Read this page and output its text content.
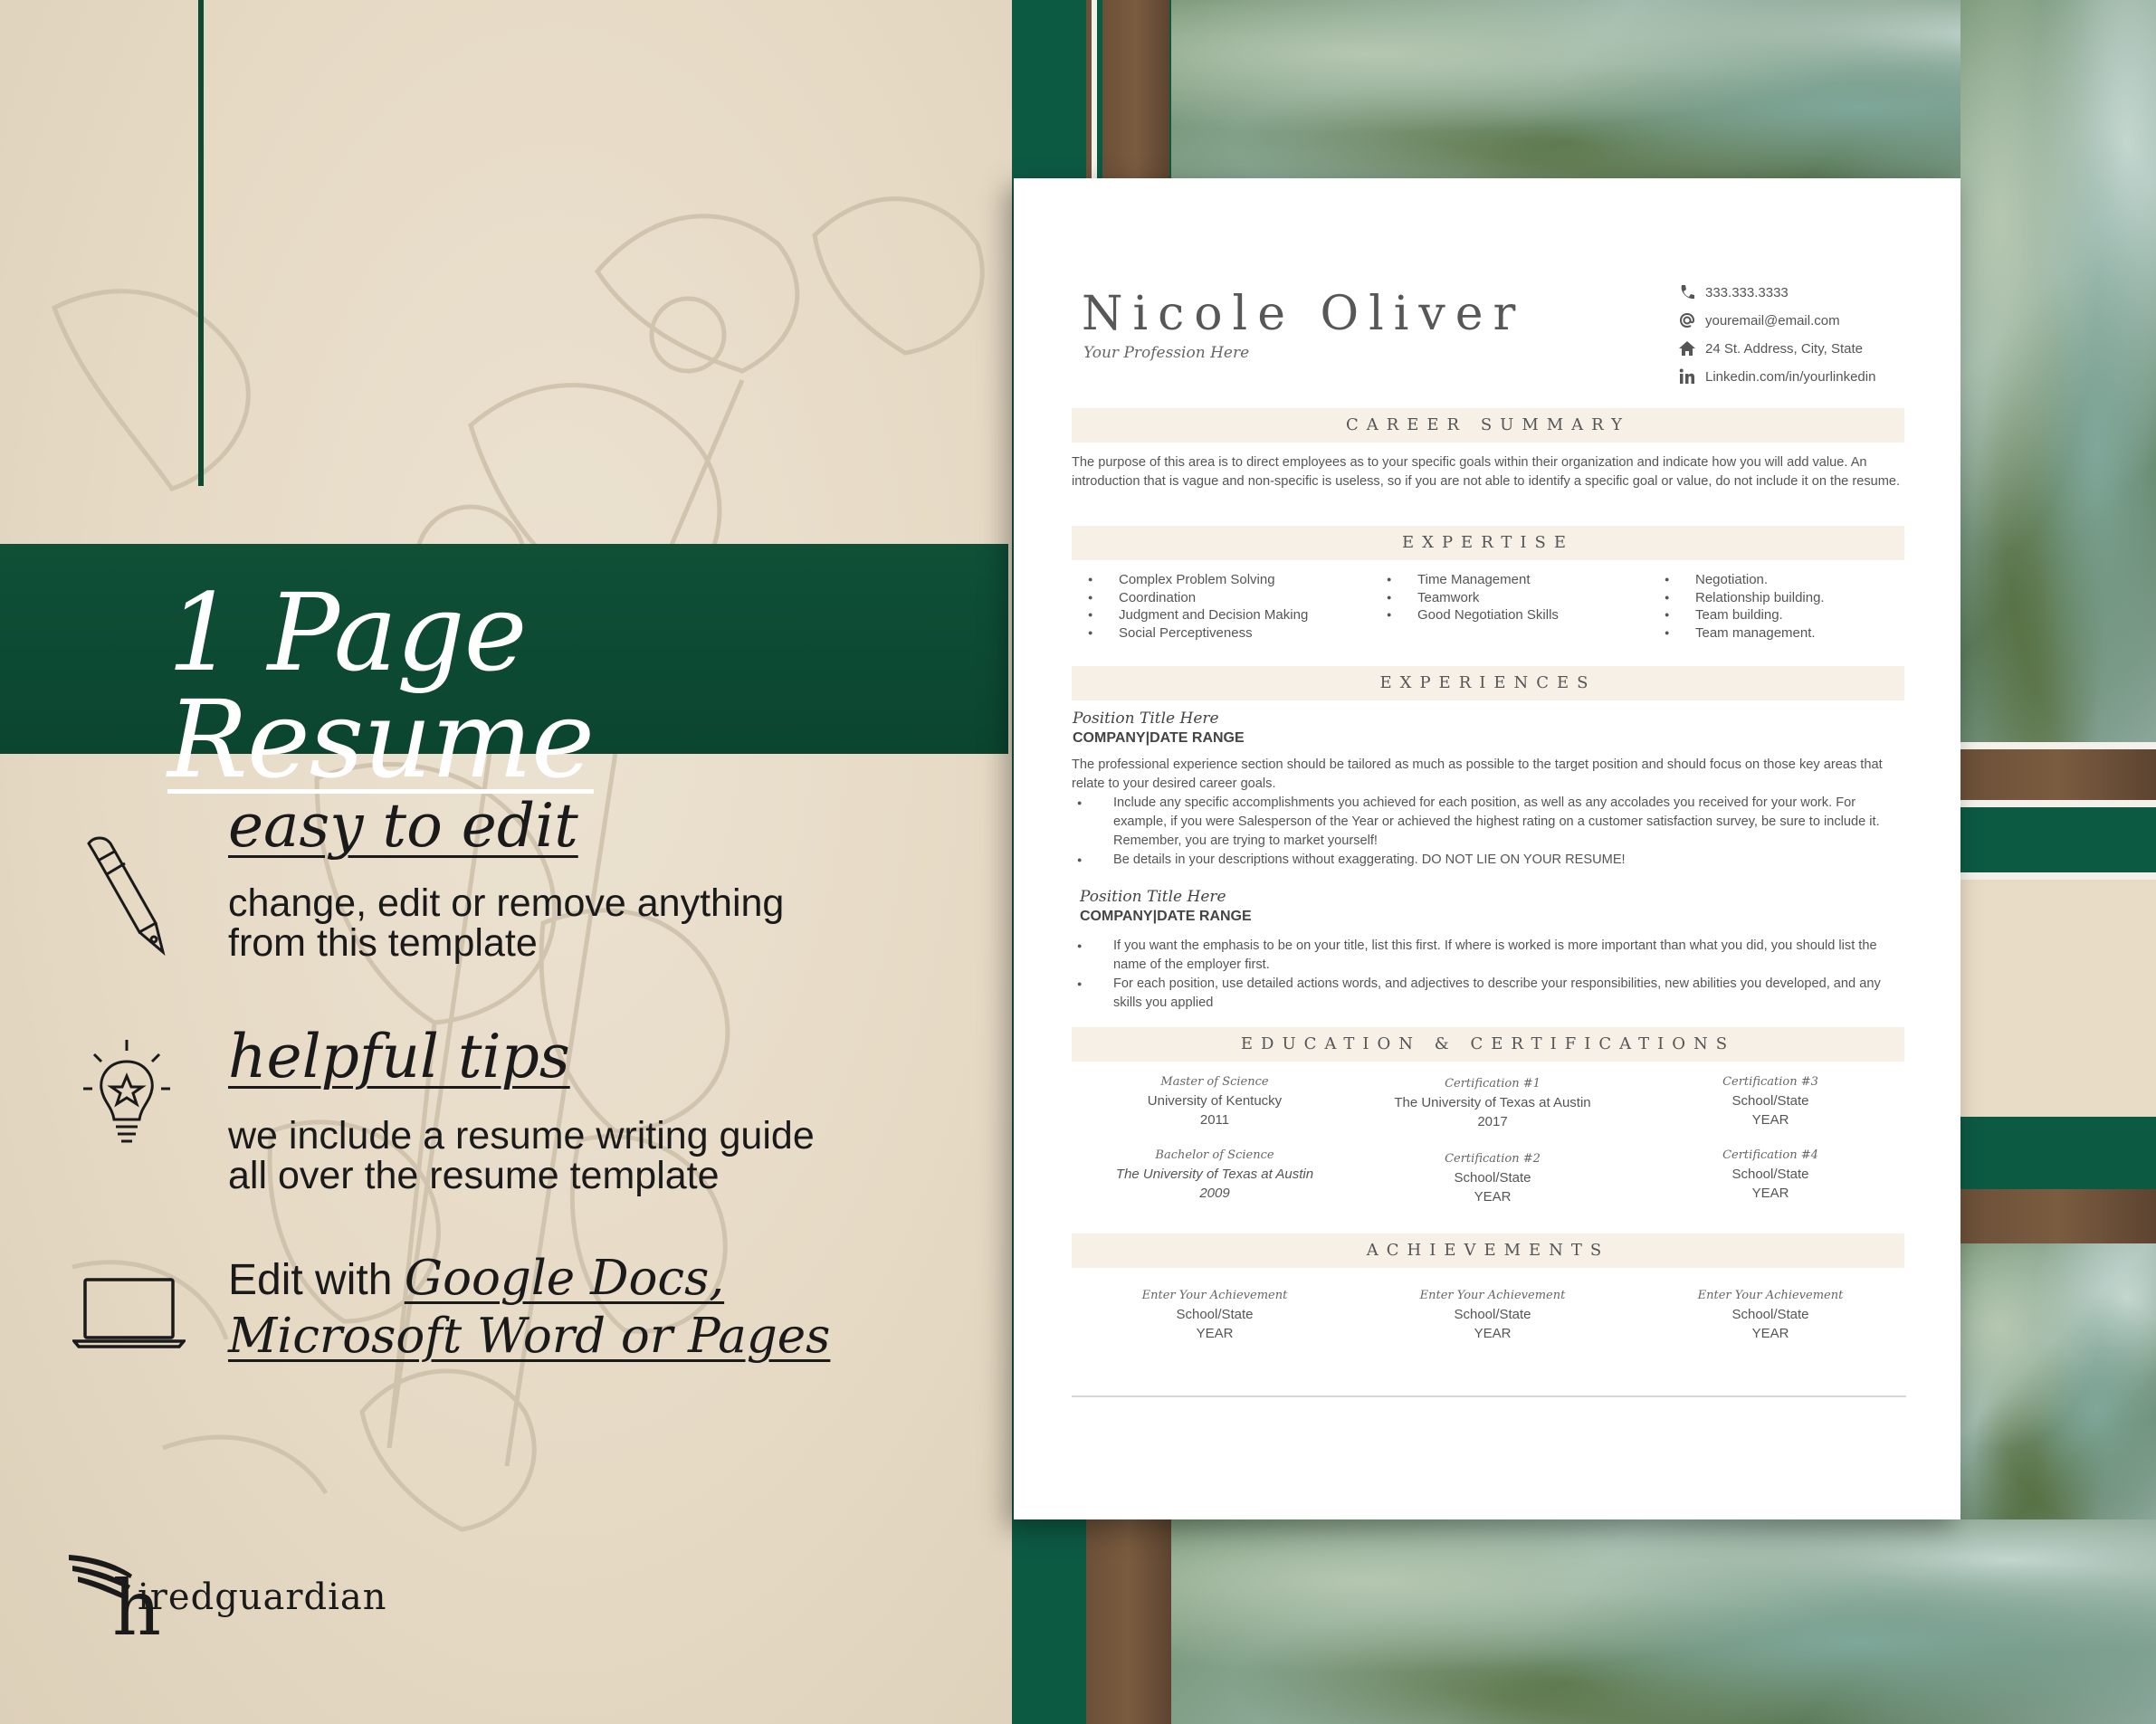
1 Page Resume
easy to edit
change, edit or remove anything
from this template
helpful tips
we include a resume writing guide
all over the resume template
Edit with Google Docs,
Microsoft Word or Pages
h
iredguardian
Nicole Oliver
Your Profession Here
333.333.3333
youremail@email.com
24 St. Address, City, State
Linkedin.com/in/yourlinkedin
CAREER SUMMARY
The purpose of this area is to direct employees as to your specific goals within their organization and indicate how you will add value. An introduction that is vague and non-specific is useless, so if you are not able to identify a specific goal or value, do not include it on the resume.
EXPERTISE
● Complex Problem Solving
● Coordination
● Judgment and Decision Making
● Social Perceptiveness
● Time Management
● Teamwork
● Good Negotiation Skills
● Negotiation.
● Relationship building.
● Team building.
● Team management.
EXPERIENCES
Position Title Here
COMPANY|DATE RANGE
The professional experience section should be tailored as much as possible to the target position and should focus on those key areas that relate to your desired career goals.
● Include any specific accomplishments you achieved for each position, as well as any accolades you received for your work. For example, if you were Salesperson of the Year or achieved the highest rating on a customer satisfaction survey, be sure to include it. Remember, you are trying to market yourself!
● Be details in your descriptions without exaggerating. DO NOT LIE ON YOUR RESUME!
Position Title Here
COMPANY|DATE RANGE
● If you want the emphasis to be on your title, list this first. If where is worked is more important than what you did, you should list the name of the employer first.
● For each position, use detailed actions words, and adjectives to describe your responsibilities, new abilities you developed, and any skills you applied
EDUCATION & CERTIFICATIONS
Master of Science
University of Kentucky
2011
Certification #1
The University of Texas at Austin
2017
Certification #3
School/State
YEAR
Bachelor of Science
The University of Texas at Austin
2009
Certification #2
School/State
YEAR
Certification #4
School/State
YEAR
ACHIEVEMENTS
Enter Your Achievement
School/State
YEAR
Enter Your Achievement
School/State
YEAR
Enter Your Achievement
School/State
YEAR
